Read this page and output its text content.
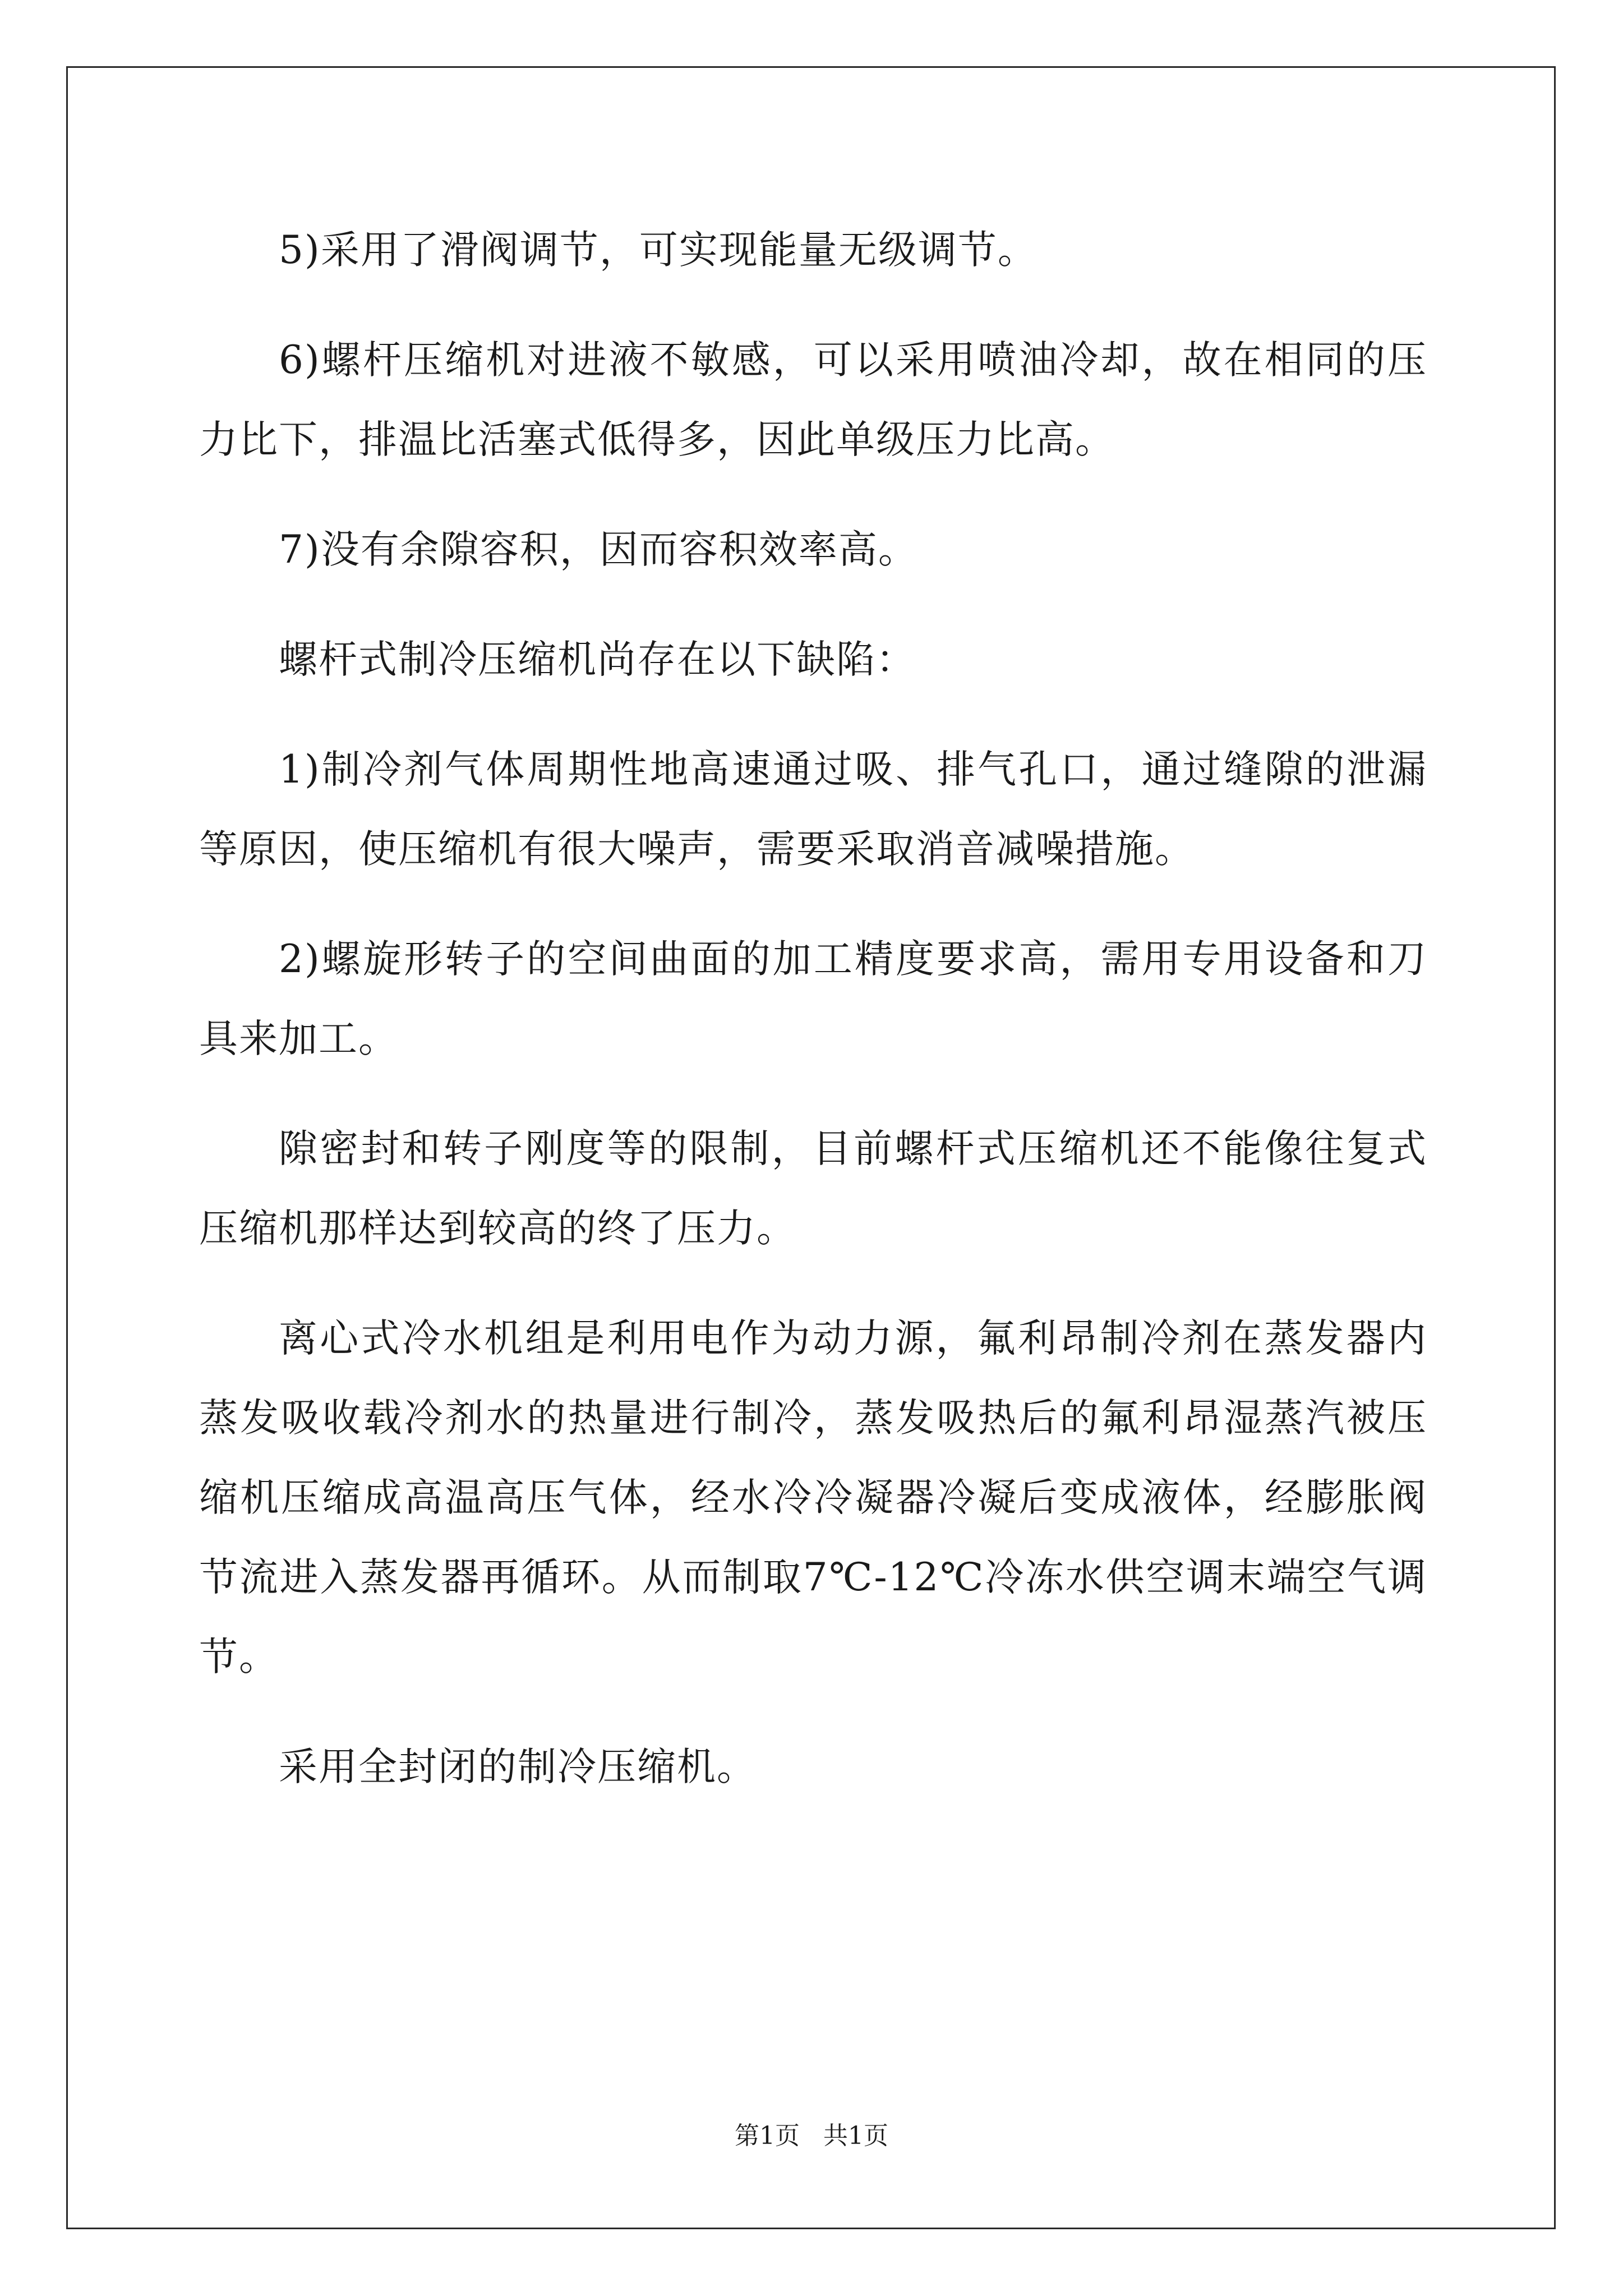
5)采用了滑阀调节，可实现能量无级调节。

6)螺杆压缩机对进液不敏感，可以采用喷油冷却，故在相同的压力比下，排温比活塞式低得多，因此单级压力比高。

7)没有余隙容积，因而容积效率高。

螺杆式制冷压缩机尚存在以下缺陷：

1)制冷剂气体周期性地高速通过吸、排气孔口，通过缝隙的泄漏等原因，使压缩机有很大噪声，需要采取消音减噪措施。

2)螺旋形转子的空间曲面的加工精度要求高，需用专用设备和刀具来加工。

隙密封和转子刚度等的限制，目前螺杆式压缩机还不能像往复式压缩机那样达到较高的终了压力。

离心式冷水机组是利用电作为动力源，氟利昂制冷剂在蒸发器内蒸发吸收载冷剂水的热量进行制冷，蒸发吸热后的氟利昂湿蒸汽被压缩机压缩成高温高压气体，经水冷冷凝器冷凝后变成液体，经膨胀阀节流进入蒸发器再循环。从而制取7℃-12℃冷冻水供空调末端空气调节。

采用全封闭的制冷压缩机。

第1页   共1页
